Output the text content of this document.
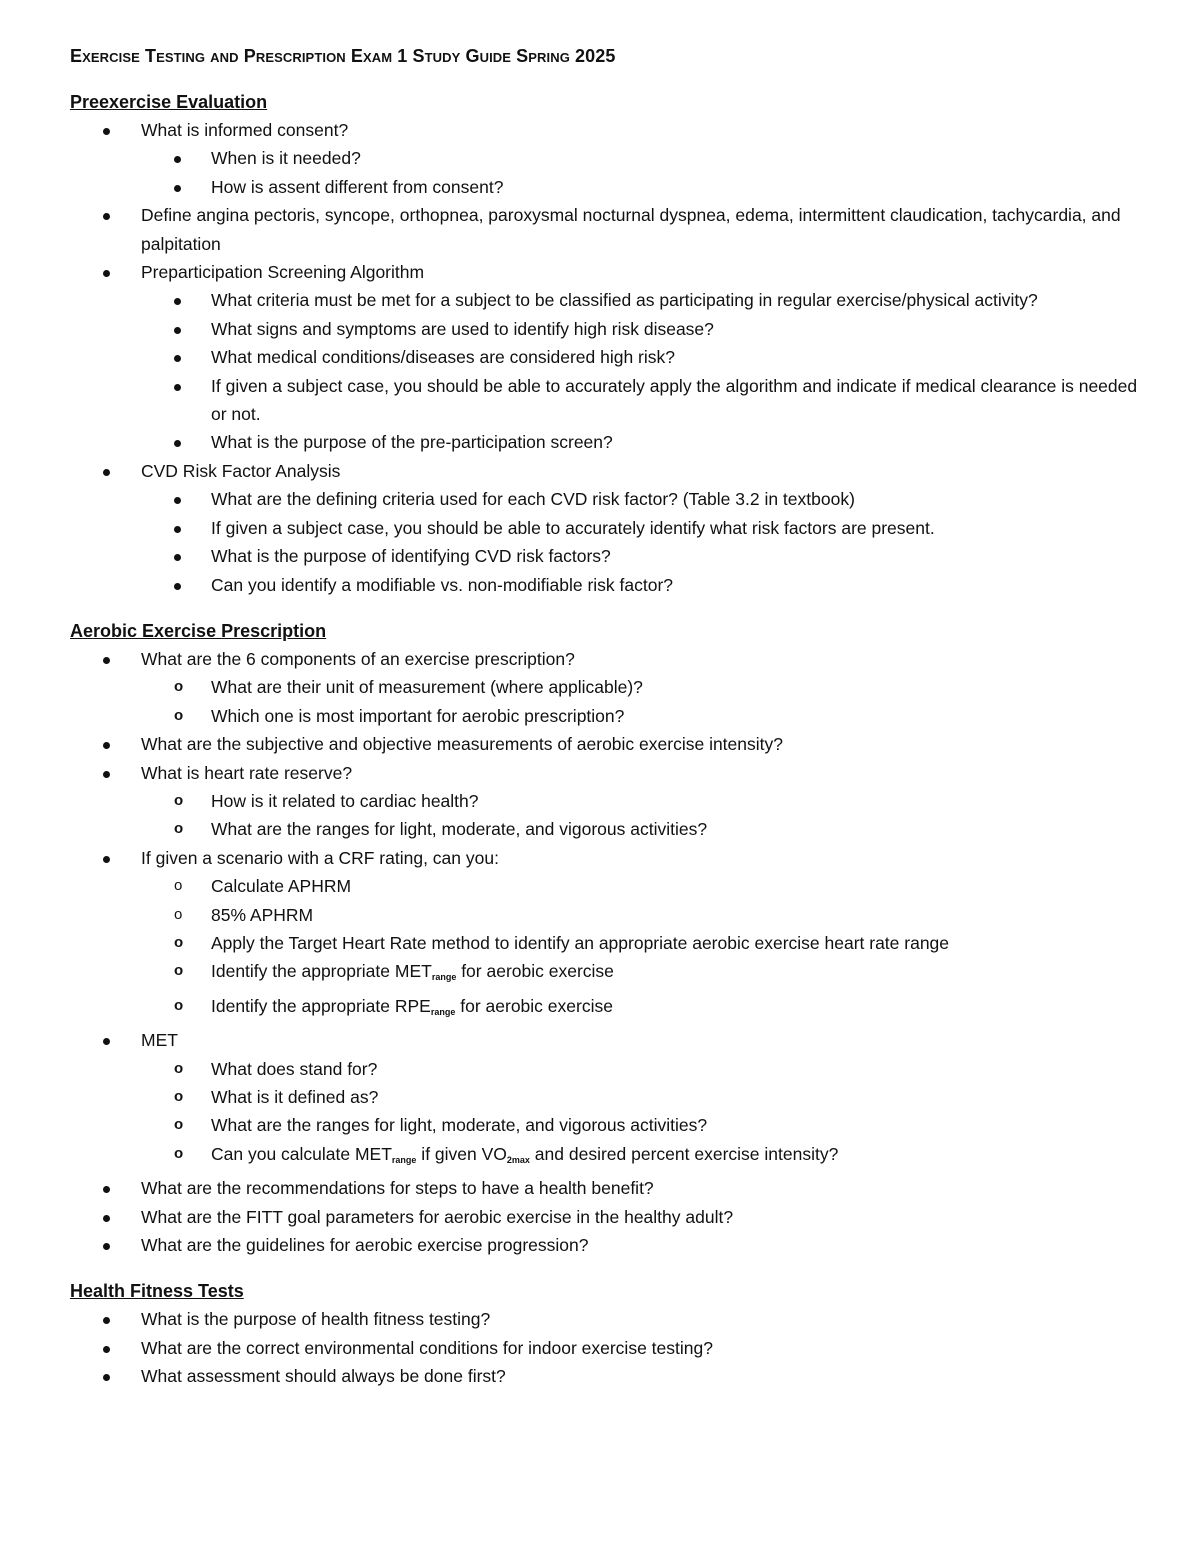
Exercise Testing and Prescription Exam 1 Study Guide Spring 2025
Preexercise Evaluation
What is informed consent?
When is it needed?
How is assent different from consent?
Define angina pectoris, syncope, orthopnea, paroxysmal nocturnal dyspnea, edema, intermittent claudication, tachycardia, and palpitation
Preparticipation Screening Algorithm
What criteria must be met for a subject to be classified as participating in regular exercise/physical activity?
What signs and symptoms are used to identify high risk disease?
What medical conditions/diseases are considered high risk?
If given a subject case, you should be able to accurately apply the algorithm and indicate if medical clearance is needed or not.
What is the purpose of the pre-participation screen?
CVD Risk Factor Analysis
What are the defining criteria used for each CVD risk factor? (Table 3.2 in textbook)
If given a subject case, you should be able to accurately identify what risk factors are present.
What is the purpose of identifying CVD risk factors?
Can you identify a modifiable vs. non-modifiable risk factor?
Aerobic Exercise Prescription
What are the 6 components of an exercise prescription?
o What are their unit of measurement (where applicable)?
o Which one is most important for aerobic prescription?
What are the subjective and objective measurements of aerobic exercise intensity?
What is heart rate reserve?
o How is it related to cardiac health?
o What are the ranges for light, moderate, and vigorous activities?
If given a scenario with a CRF rating, can you:
o Calculate APHRM
o 85% APHRM
o Apply the Target Heart Rate method to identify an appropriate aerobic exercise heart rate range
o Identify the appropriate $MET_{range}$ for aerobic exercise
o Identify the appropriate $RPE_{range}$ for aerobic exercise
MET
o What does stand for?
o What is it defined as?
o What are the ranges for light, moderate, and vigorous activities?
o Can you calculate $MET_{range}$ if given $VO_{2max}$ and desired percent exercise intensity?
What are the recommendations for steps to have a health benefit?
What are the FITT goal parameters for aerobic exercise in the healthy adult?
What are the guidelines for aerobic exercise progression?
Health Fitness Tests
What is the purpose of health fitness testing?
What are the correct environmental conditions for indoor exercise testing?
What assessment should always be done first?
